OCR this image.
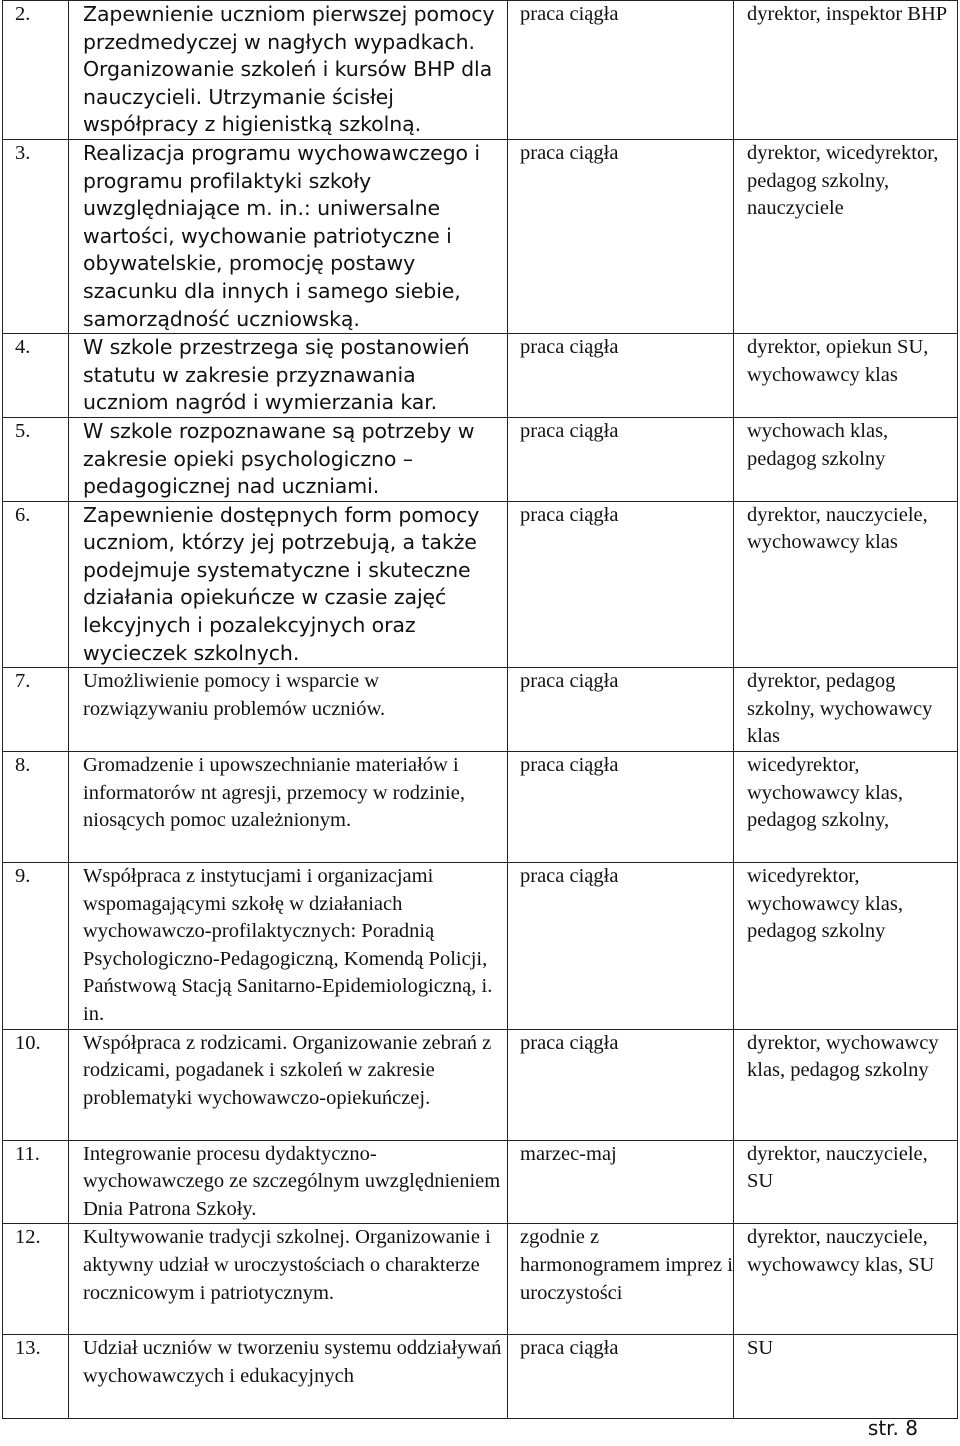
2.	Zapewnienie uczniom pierwszej pomocy przedmedyczej w nagłych wypadkach. Organizowanie szkoleń i kursów BHP dla nauczycieli. Utrzymanie ścisłej współpracy z higienistką szkolną.	praca ciągła	dyrektor, inspektor BHP
3.	Realizacja programu wychowawczego i programu profilaktyki szkoły uwzględniające m. in.: uniwersalne wartości, wychowanie patriotyczne i obywatelskie, promocję postawy szacunku dla innych i samego siebie, samorządność uczniowską.	praca ciągła	dyrektor, wicedyrektor, pedagog szkolny, nauczyciele
4.	W szkole przestrzega się postanowień statutu w zakresie przyznawania uczniom nagród i wymierzania kar.	praca ciągła	dyrektor, opiekun SU, wychowawcy klas
5.	W szkole rozpoznawane są potrzeby w zakresie opieki psychologiczno – pedagogicznej nad uczniami.	praca ciągła	wychowach klas, pedagog szkolny
6.	Zapewnienie dostępnych form pomocy uczniom, którzy jej potrzebują, a także podejmuje systematyczne i skuteczne działania opiekuńcze w czasie zajęć lekcyjnych i pozalekcyjnych oraz wycieczek szkolnych.	praca ciągła	dyrektor, nauczyciele, wychowawcy klas
7.	Umożliwienie pomocy i wsparcie w rozwiązywaniu problemów uczniów.	praca ciągła	dyrektor, pedagog szkolny, wychowawcy klas
8.	Gromadzenie i upowszechnianie materiałów i informatorów nt agresji, przemocy w rodzinie, niosących pomoc uzależnionym.	praca ciągła	wicedyrektor, wychowawcy klas, pedagog szkolny,
9.	Współpraca z instytucjami i organizacjami wspomagającymi szkołę w działaniach wychowawczo-profilaktycznych: Poradnią Psychologiczno-Pedagogiczną, Komendą Policji, Państwową Stacją Sanitarno-Epidemiologiczną, i. in.	praca ciągła	wicedyrektor, wychowawcy klas, pedagog szkolny
10.	Współpraca z rodzicami. Organizowanie zebrań z rodzicami, pogadanek i szkoleń w zakresie problematyki wychowawczo-opiekuńczej.	praca ciągła	dyrektor, wychowawcy klas, pedagog szkolny
11.	Integrowanie procesu dydaktyczno-wychowawczego ze szczególnym uwzględnieniem Dnia Patrona Szkoły.	marzec-maj	dyrektor, nauczyciele, SU
12.	Kultywowanie tradycji szkolnej. Organizowanie i aktywny udział w uroczystościach o charakterze rocznicowym i patriotycznym.	zgodnie z harmonogramem imprez i uroczystości	dyrektor, nauczyciele, wychowawcy klas, SU
13.	Udział uczniów w tworzeniu systemu oddziaływań wychowawczych i edukacyjnych	praca ciągła	SU
str. 8
